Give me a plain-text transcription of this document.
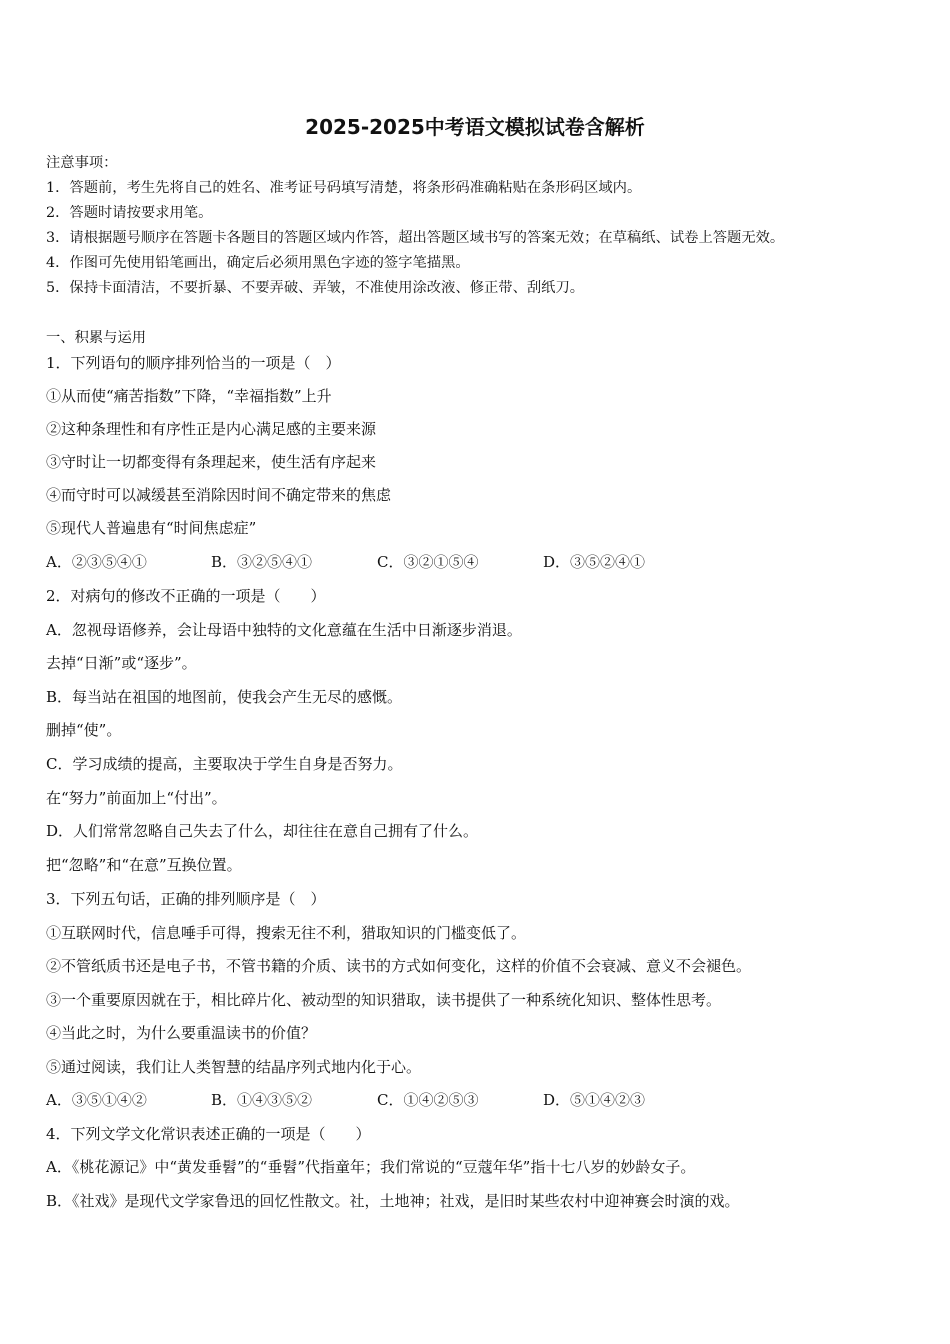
2025-2025中考语文模拟试卷含解析
注意事项：
1．答题前，考生先将自己的姓名、准考证号码填写清楚，将条形码准确粘贴在条形码区域内。
2．答题时请按要求用笔。
3．请根据题号顺序在答题卡各题目的答题区域内作答，超出答题区域书写的答案无效；在草稿纸、试卷上答题无效。
4．作图可先使用铅笔画出，确定后必须用黑色字迹的签字笔描黑。
5．保持卡面清洁，不要折暴、不要弄破、弄皱，不准使用涂改液、修正带、刮纸刀。
一、积累与运用
1．下列语句的顺序排列恰当的一项是（　）
①从而使“痛苦指数”下降，“幸福指数”上升
②这种条理性和有序性正是内心满足感的主要来源
③守时让一切都变得有条理起来，使生活有序起来
④而守时可以减缓甚至消除因时间不确定带来的焦虑
⑤现代人普遍患有“时间焦虑症”
A．②③⑤④①	B．③②⑤④①	C．③②①⑤④	D．③⑤②④①
2．对病句的修改不正确的一项是（　　）
A．忽视母语修养，会让母语中独特的文化意蕴在生活中日渐逐步消退。
去掉“日渐”或“逐步”。
B．每当站在祖国的地图前，使我会产生无尽的感慨。
删掉“使”。
C．学习成绩的提高，主要取决于学生自身是否努力。
在“努力”前面加上“付出”。
D．人们常常忽略自己失去了什么，却往往在意自己拥有了什么。
把“忽略”和“在意”互换位置。
3．下列五句话，正确的排列顺序是（　）
①互联网时代，信息唾手可得，搜索无往不利，猎取知识的门槛变低了。
②不管纸质书还是电子书，不管书籍的介质、读书的方式如何变化，这样的价值不会衰减、意义不会褪色。
③一个重要原因就在于，相比碎片化、被动型的知识猎取，读书提供了一种系统化知识、整体性思考。
④当此之时，为什么要重温读书的价值？
⑤通过阅读，我们让人类智慧的结晶序列式地内化于心。
A．③⑤①④②	B．①④③⑤②	C．①④②⑤③	D．⑤①④②③
4．下列文学文化常识表述正确的一项是（　　）
A．《桃花源记》中“黄发垂髫”的“垂髫”代指童年；我们常说的“豆蔻年华”指十七八岁的妙龄女子。
B．《社戏》是现代文学家鲁迅的回忆性散文。社，土地神；社戏，是旧时某些农村中迎神赛会时演的戏。
